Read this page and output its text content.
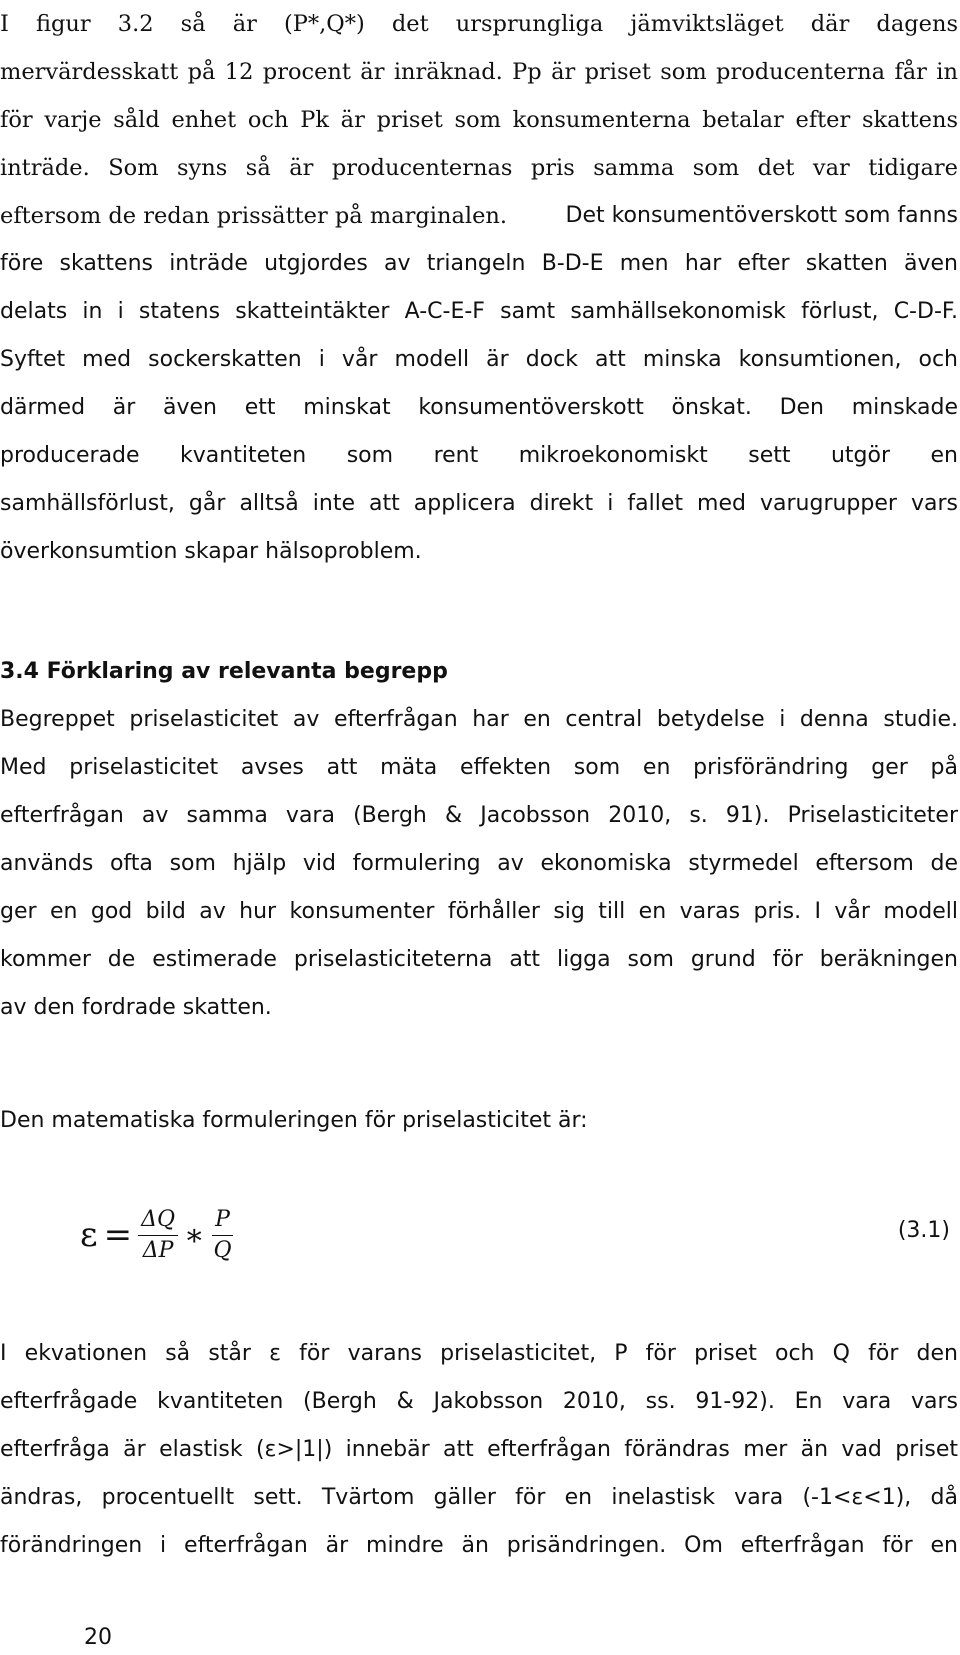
I figur 3.2 så är (P*,Q*) det ursprungliga jämviktsläget där dagens
mervärdesskatt på 12 procent är inräknad. Pp är priset som producenterna får in
för varje såld enhet och Pk är priset som konsumenterna betalar efter skattens
inträde. Som syns så är producenternas pris samma som det var tidigare
eftersom de redan prissätter på marginalen.	Det konsumentöverskott som fanns
före skattens inträde utgjordes av triangeln B-D-E men har efter skatten även
delats in i statens skatteintäkter A-C-E-F samt samhällsekonomisk förlust, C-D-F.
Syftet med sockerskatten i vår modell är dock att minska konsumtionen, och
därmed är även ett minskat konsumentöverskott önskat. Den minskade
producerade kvantiteten som rent mikroekonomiskt sett utgör en
samhällsförlust, går alltså inte att applicera direkt i fallet med varugrupper vars
överkonsumtion skapar hälsoproblem.
3.4 Förklaring av relevanta begrepp
Begreppet priselasticitet av efterfrågan har en central betydelse i denna studie.
Med priselasticitet avses att mäta effekten som en prisförändring ger på
efterfrågan av samma vara (Bergh & Jacobsson 2010, s. 91). Priselasticiteter
används ofta som hjälp vid formulering av ekonomiska styrmedel eftersom de
ger en god bild av hur konsumenter förhåller sig till en varas pris. I vår modell
kommer de estimerade priselasticiteterna att ligga som grund för beräkningen
av den fordrade skatten.
Den matematiska formuleringen för priselasticitet är:
$\varepsilon = \frac{\Delta Q}{\Delta P}$ ∗ $\frac{P}{Q}$	(3.1)
I ekvationen så står ε för varans priselasticitet, P för priset och Q för den
efterfrågade kvantiteten (Bergh & Jakobsson 2010, ss. 91-92). En vara vars
efterfråga är elastisk (ε>|1|) innebär att efterfrågan förändras mer än vad priset
ändras, procentuellt sett. Tvärtom gäller för en inelastisk vara (-1<ε<1), då
förändringen i efterfrågan är mindre än prisändringen. Om efterfrågan för en
20
